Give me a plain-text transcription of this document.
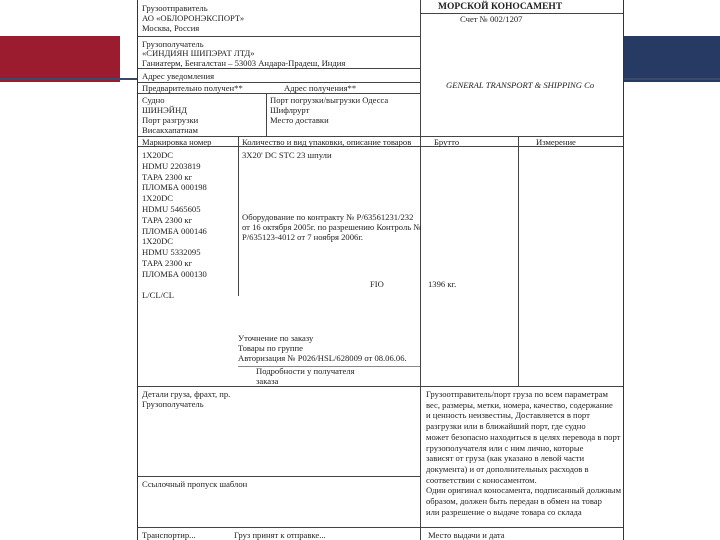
Грузоотправитель
АО «ОБЛОРОНЭКСПОРТ»
Москва, Россия
МОРСКОЙ КОНОСАМЕНТ
Счет № 002/1207
Грузополучатель
«СИНДИЯН ШИПЭРАТ ЛТД»
Ганиатерм, Бенгалстан – 53003 Андара-Прадеш, Индия
Адрес уведомления
GENERAL TRANSPORT & SHIPPING Co
Предварительно получен**	Адрес получения**
Судно
ШИНЭЙНД
Порт разгрузки
Висакхапатнам
Порт погрузки/выгрузки Одесса
Шифлрурт
Место доставки
Маркировка номер	Количество и вид упаковки, описание товаров	Брутто	Измерение
1X20DC
HDMU 2203819
ТАРА 2300 кг
ПЛОМБА 000198
1X20DC
HDMU 5465605
ТАРА 2300 кг
ПЛОМБА 000146
1X20DC
HDMU 5332095
ТАРА 2300 кг
ПЛОМБА 000130
L/CL/CL
3X20' DC STC 23 шпули
Оборудование по контракту № P/63561231/232
от 16 октября 2005г. по разрешению Контроль №
P/635123-4012 от 7 ноября 2006г.
FIO	1396 кг.
Уточнение по заказу
Товары по группе
Авторизация № P026/HSL/628009 от 08.06.06.
Подробности у получателя
заказа
Детали груза, фрахт, пр.
Грузополучатель
Ссылочный пропуск шаблон
Грузоотправитель/порт груза по всем параметрам
вес, размеры, метки, номера, качество, содержание
и ценность неизвестны, Доставляется в порт
разгрузки или в ближайший порт, где судно
может безопасно находиться в целях перевода в порт
грузополучателя или с ним лично, которые
зависят от груза (как указано в левой части
документа) и от дополнительных расходов в
соответствии с коносаментом.
Один оригинал коносамента, подписанный должным
образом, должен быть передан в обмен на товар
или разрешение о выдаче товара со склада
Транспортир...	Груз принят к отправке...	Место выдачи и дата
